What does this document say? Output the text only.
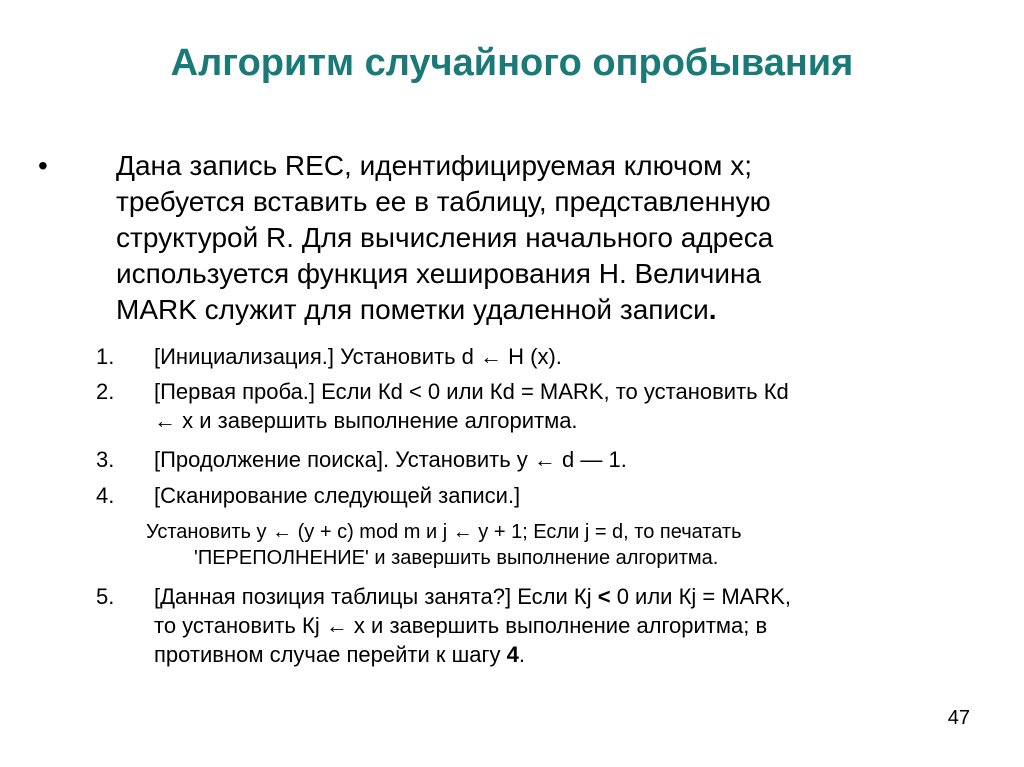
Алгоритм случайного опробывания
• Дана запись REC, идентифицируемая ключом x;
требуется вставить ее в таблицу, представленную
структурой R. Для вычисления начального адреса
используется функция хеширования H. Величина
MARK служит для пометки удаленной записи.
1. [Инициализация.] Установить d ← H (x).
2. [Первая проба.] Если Кd < 0 или Кd = MARK, то установить Кd
← x и завершить выполнение алгоритма.
3. [Продолжение поиска]. Установить у ← d — 1.
4. [Сканирование следующей записи.]
Установить у ← (у + с) mod m и j ← у + 1; Если j = d, то печатать
'ПЕРЕПОЛНЕНИЕ' и завершить выполнение алгоритма.
5. [Данная позиция таблицы занята?] Если Кj < 0 или Кj = MARK,
то установить Кj ← x и завершить выполнение алгоритма; в
противном случае перейти к шагу 4.
47
